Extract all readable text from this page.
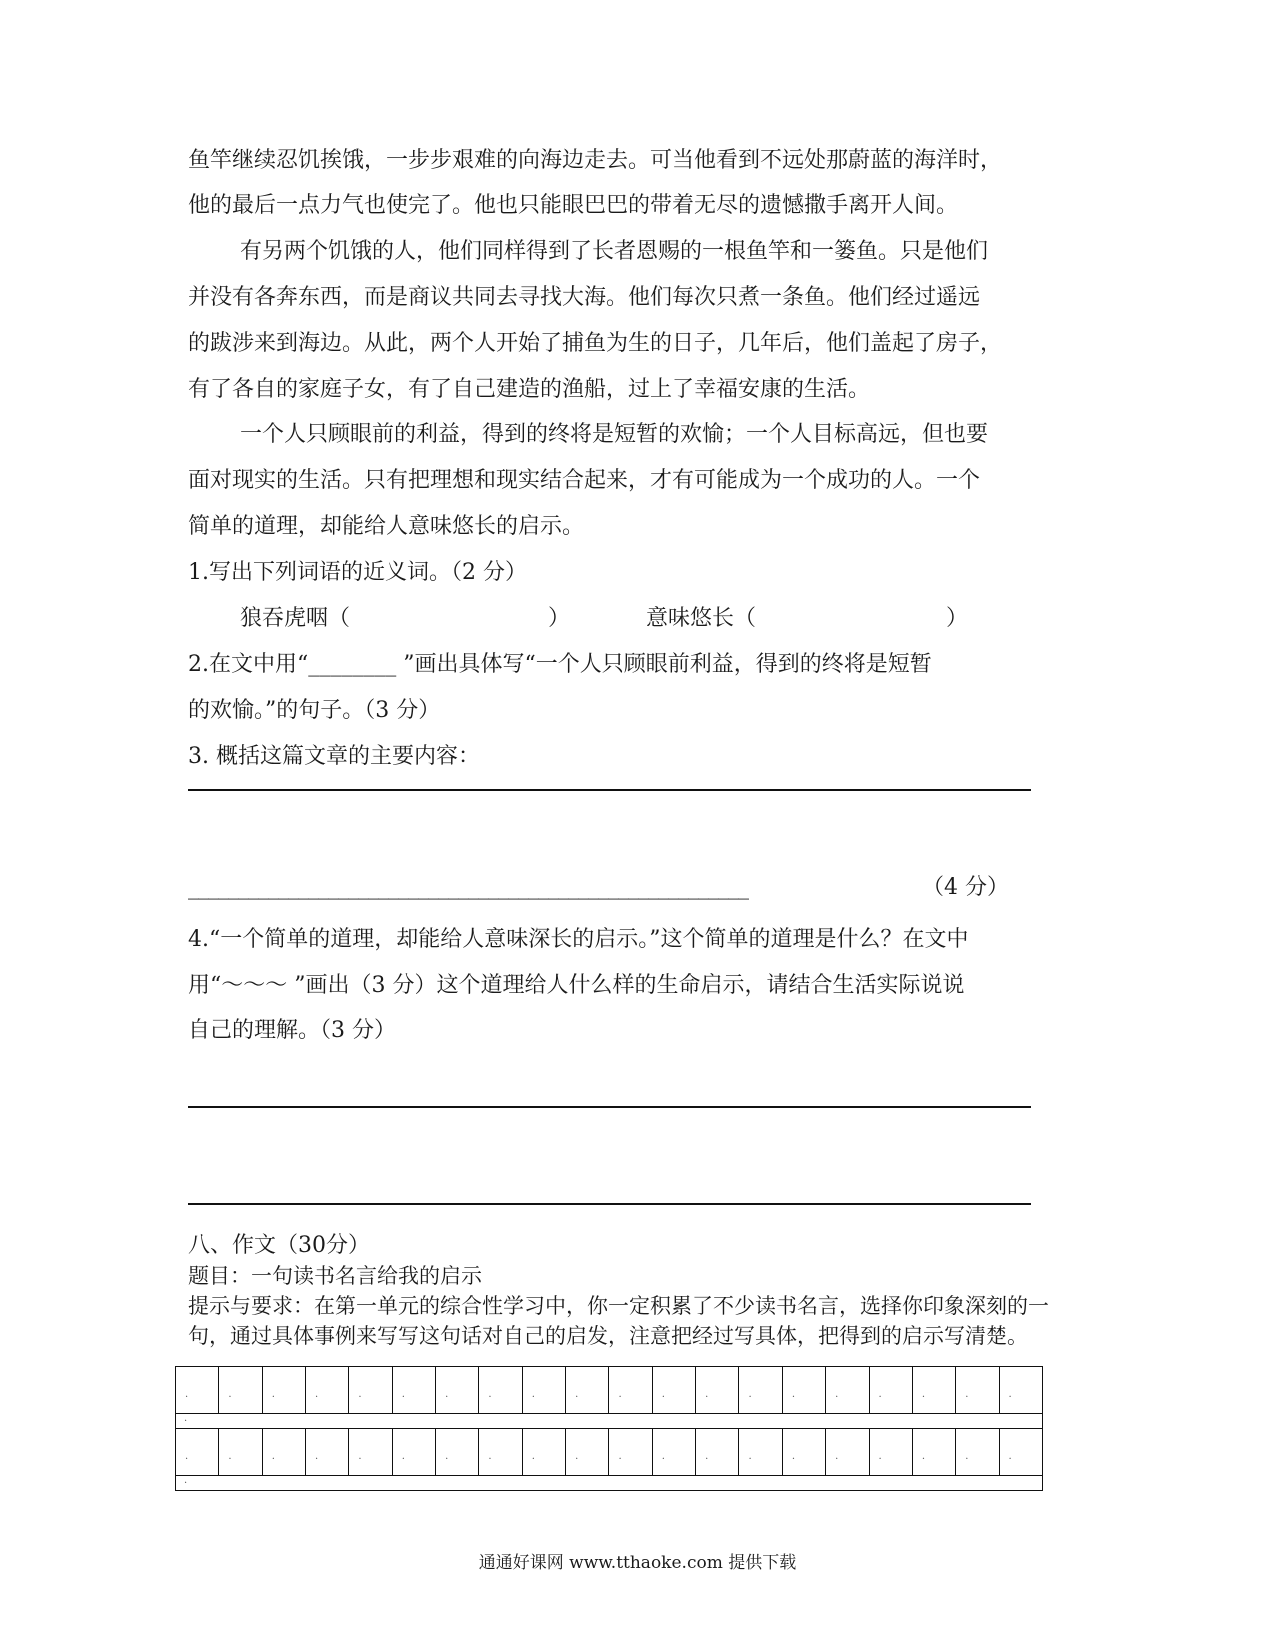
鱼竿继续忍饥挨饿，一步步艰难的向海边走去。可当他看到不远处那蔚蓝的海洋时，
他的最后一点力气也使完了。他也只能眼巴巴的带着无尽的遗憾撒手离开人间。
有另两个饥饿的人，他们同样得到了长者恩赐的一根鱼竿和一篓鱼。只是他们
并没有各奔东西，而是商议共同去寻找大海。他们每次只煮一条鱼。他们经过遥远
的跋涉来到海边。从此，两个人开始了捕鱼为生的日子，几年后，他们盖起了房子，
有了各自的家庭子女，有了自己建造的渔船，过上了幸福安康的生活。
一个人只顾眼前的利益，得到的终将是短暂的欢愉；一个人目标高远，但也要
面对现实的生活。只有把理想和现实结合起来，才有可能成为一个成功的人。一个
简单的道理，却能给人意味悠长的启示。
1.写出下列词语的近义词。（2 分）
狼吞虎咽（	）	意味悠长（	）
2.在文中用“________ ”画出具体写“一个人只顾眼前利益，得到的终将是短暂
的欢愉。”的句子。（3 分）
3. 概括这篇文章的主要内容：
________________________________________________________	（4 分）
4.“一个简单的道理，却能给人意味深长的启示。”这个简单的道理是什么？在文中
用“～～～ ”画出（3 分）这个道理给人什么样的生命启示，请结合生活实际说说
自己的理解。（3 分）
八、作文（30分）
题目：一句读书名言给我的启示
提示与要求：在第一单元的综合性学习中，你一定积累了不少读书名言，选择你印象深刻的一
句，通过具体事例来写写这句话对自己的启发，注意把经过写具体，把得到的启示写清楚。
.
.
.
.
.
.
.
.
.
.
.
.
.
.
.
.
.
.
.
.
.
.
.
.
.
.
.
.
.
.
.
.
.
.
.
.
.
.
.
.
.
.
通通好课网 www.tthaoke.com 提供下载
